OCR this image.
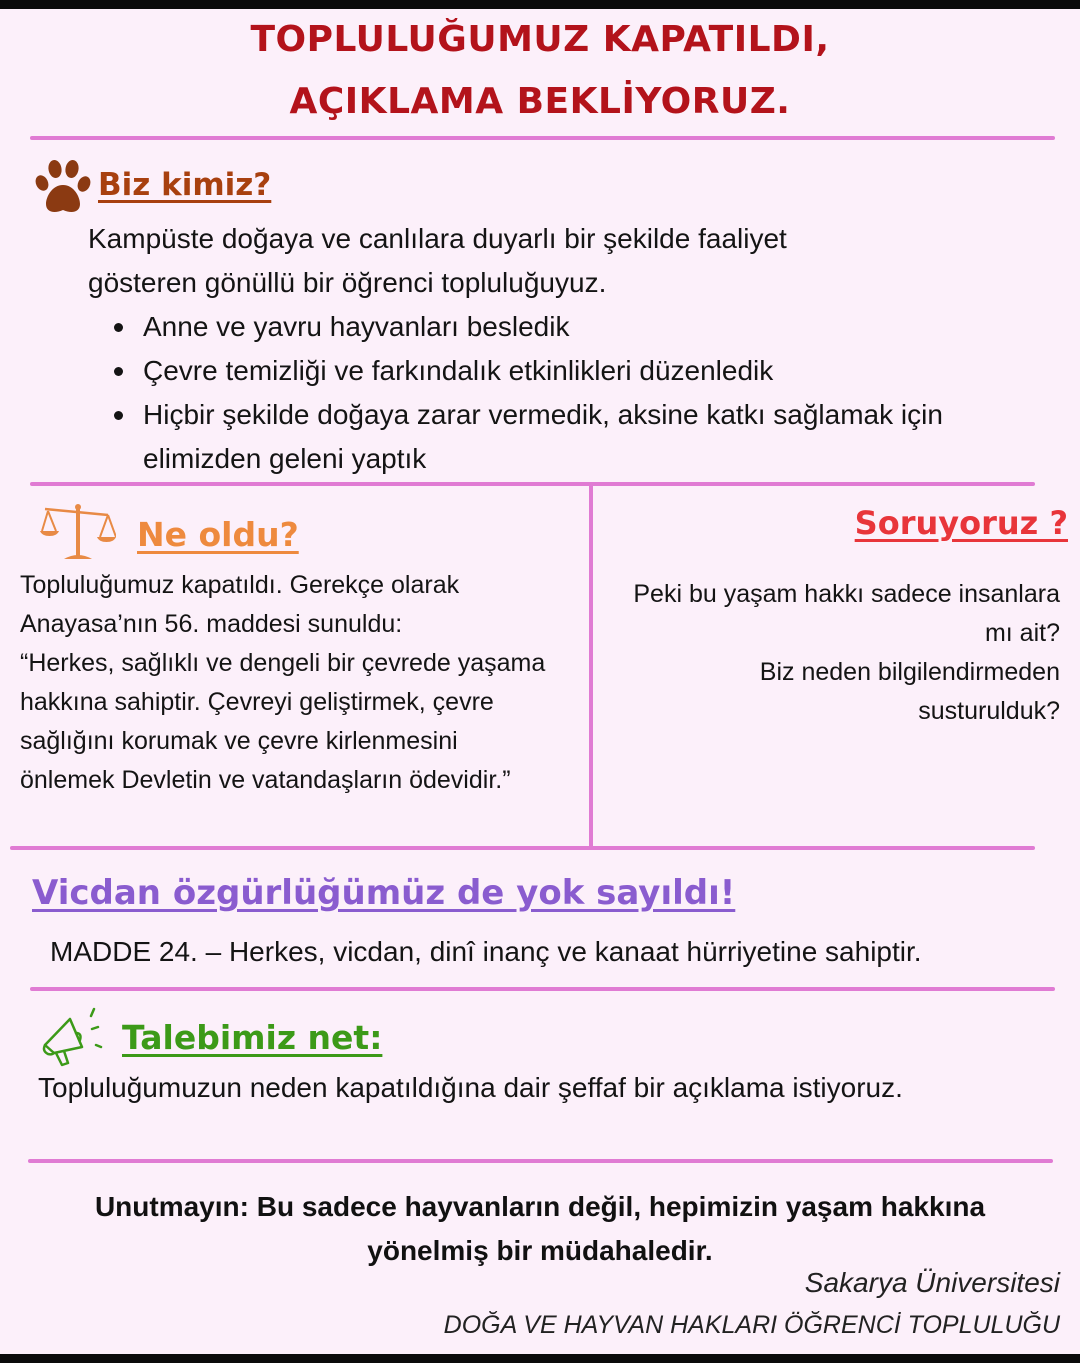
TOPLULUĞUMUZ KAPATILDI,
AÇIKLAMA BEKLİYORUZ.
Biz kimiz?
Kampüste doğaya ve canlılara duyarlı bir şekilde faaliyet
gösteren gönüllü bir öğrenci topluluğuyuz.
Anne ve yavru hayvanları besledik
Çevre temizliği ve farkındalık etkinlikleri düzenledik
Hiçbir şekilde doğaya zarar vermedik, aksine katkı sağlamak için elimizden geleni yaptık
Ne oldu?
Topluluğumuz kapatıldı. Gerekçe olarak
Anayasa’nın 56. maddesi sunuldu:
“Herkes, sağlıklı ve dengeli bir çevrede yaşama
hakkına sahiptir. Çevreyi geliştirmek, çevre
sağlığını korumak ve çevre kirlenmesini
önlemek Devletin ve vatandaşların ödevidir.”
Soruyoruz ?
Peki bu yaşam hakkı sadece insanlara
mı ait?
Biz neden bilgilendirmeden
susturulduk?
Vicdan özgürlüğümüz de yok sayıldı!
MADDE 24. – Herkes, vicdan, dinî inanç ve kanaat hürriyetine sahiptir.
Talebimiz net:
Topluluğumuzun neden kapatıldığına dair şeffaf bir açıklama istiyoruz.
Unutmayın: Bu sadece hayvanların değil, hepimizin yaşam hakkına
yönelmiş bir müdahaledir.
Sakarya Üniversitesi
DOĞA VE HAYVAN HAKLARI ÖĞRENCİ TOPLULUĞU
